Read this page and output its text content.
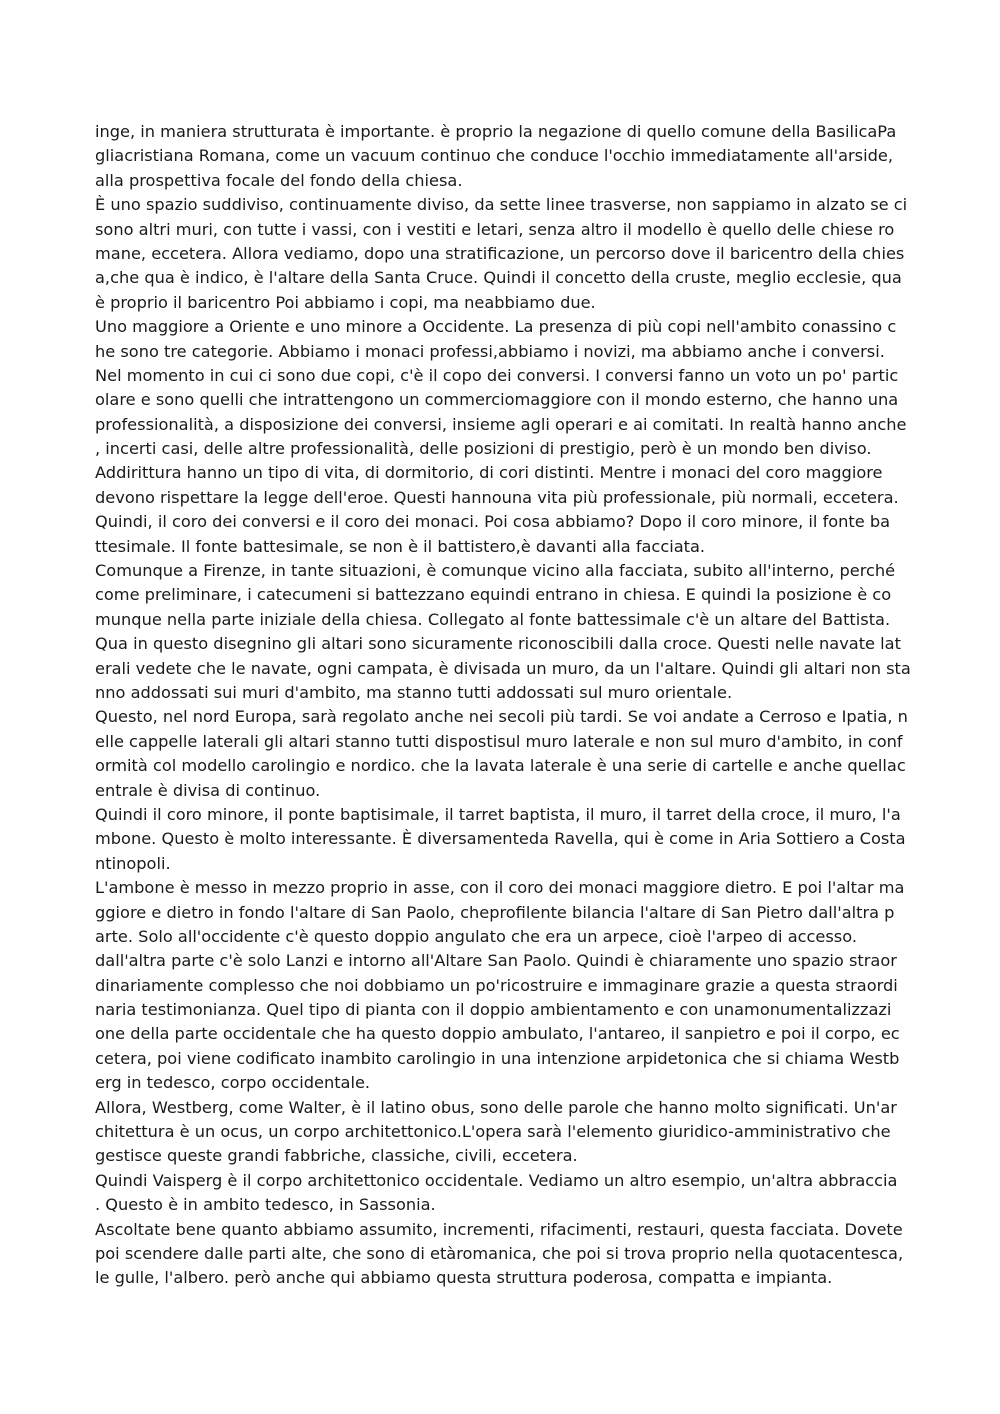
inge, in maniera strutturata è importante. è proprio la negazione di quello comune della BasilicaPa
gliacristiana Romana, come un vacuum continuo che conduce l'occhio immediatamente all'arside,
alla prospettiva focale del fondo della chiesa.
È uno spazio suddiviso, continuamente diviso, da sette linee trasverse, non sappiamo in alzato se ci
sono altri muri, con tutte i vassi, con i vestiti e letari, senza altro il modello è quello delle chiese ro
mane, eccetera. Allora vediamo, dopo una stratificazione, un percorso dove il baricentro della chies
a,che qua è indico, è l'altare della Santa Cruce. Quindi il concetto della cruste, meglio ecclesie, qua
è proprio il baricentro Poi abbiamo i copi, ma neabbiamo due.
Uno maggiore a Oriente e uno minore a Occidente. La presenza di più copi nell'ambito conassino c
he sono tre categorie. Abbiamo i monaci professi,abbiamo i novizi, ma abbiamo anche i conversi.
Nel momento in cui ci sono due copi, c'è il copo dei conversi. I conversi fanno un voto un po' partic
olare e sono quelli che intrattengono un commerciomaggiore con il mondo esterno, che hanno una
professionalità, a disposizione dei conversi, insieme agli operari e ai comitati. In realtà hanno anche
, incerti casi, delle altre professionalità, delle posizioni di prestigio, però è un mondo ben diviso.
Addirittura hanno un tipo di vita, di dormitorio, di cori distinti. Mentre i monaci del coro maggiore
devono rispettare la legge dell'eroe. Questi hannouna vita più professionale, più normali, eccetera.
Quindi, il coro dei conversi e il coro dei monaci. Poi cosa abbiamo? Dopo il coro minore, il fonte ba
ttesimale. Il fonte battesimale, se non è il battistero,è davanti alla facciata.
Comunque a Firenze, in tante situazioni, è comunque vicino alla facciata, subito all'interno, perché
come preliminare, i catecumeni si battezzano equindi entrano in chiesa. E quindi la posizione è co
munque nella parte iniziale della chiesa. Collegato al fonte battessimale c'è un altare del Battista.
Qua in questo disegnino gli altari sono sicuramente riconoscibili dalla croce. Questi nelle navate lat
erali vedete che le navate, ogni campata, è divisada un muro, da un l'altare. Quindi gli altari non sta
nno addossati sui muri d'ambito, ma stanno tutti addossati sul muro orientale.
Questo, nel nord Europa, sarà regolato anche nei secoli più tardi. Se voi andate a Cerroso e Ipatia, n
elle cappelle laterali gli altari stanno tutti dispostisul muro laterale e non sul muro d'ambito, in conf
ormità col modello carolingio e nordico. che la lavata laterale è una serie di cartelle e anche quellac
entrale è divisa di continuo.
Quindi il coro minore, il ponte baptisimale, il tarret baptista, il muro, il tarret della croce, il muro, l'a
mbone. Questo è molto interessante. È diversamenteda Ravella, qui è come in Aria Sottiero a Costa
ntinopoli.
L'ambone è messo in mezzo proprio in asse, con il coro dei monaci maggiore dietro. E poi l'altar ma
ggiore e dietro in fondo l'altare di San Paolo, cheprofilente bilancia l'altare di San Pietro dall'altra p
arte. Solo all'occidente c'è questo doppio angulato che era un arpece, cioè l'arpeo di accesso.
dall'altra parte c'è solo Lanzi e intorno all'Altare San Paolo. Quindi è chiaramente uno spazio straor
dinariamente complesso che noi dobbiamo un po'ricostruire e immaginare grazie a questa straordi
naria testimonianza. Quel tipo di pianta con il doppio ambientamento e con unamonumentalizzazi
one della parte occidentale che ha questo doppio ambulato, l'antareo, il sanpietro e poi il corpo, ec
cetera, poi viene codificato inambito carolingio in una intenzione arpidetonica che si chiama Westb
erg in tedesco, corpo occidentale.
Allora, Westberg, come Walter, è il latino obus, sono delle parole che hanno molto significati. Un'ar
chitettura è un ocus, un corpo architettonico.L'opera sarà l'elemento giuridico-amministrativo che
gestisce queste grandi fabbriche, classiche, civili, eccetera.
Quindi Vaisperg è il corpo architettonico occidentale. Vediamo un altro esempio, un'altra abbraccia
. Questo è in ambito tedesco, in Sassonia.
Ascoltate bene quanto abbiamo assumito, incrementi, rifacimenti, restauri, questa facciata. Dovete
poi scendere dalle parti alte, che sono di etàromanica, che poi si trova proprio nella quotacentesca,
le gulle, l'albero. però anche qui abbiamo questa struttura poderosa, compatta e impianta.
